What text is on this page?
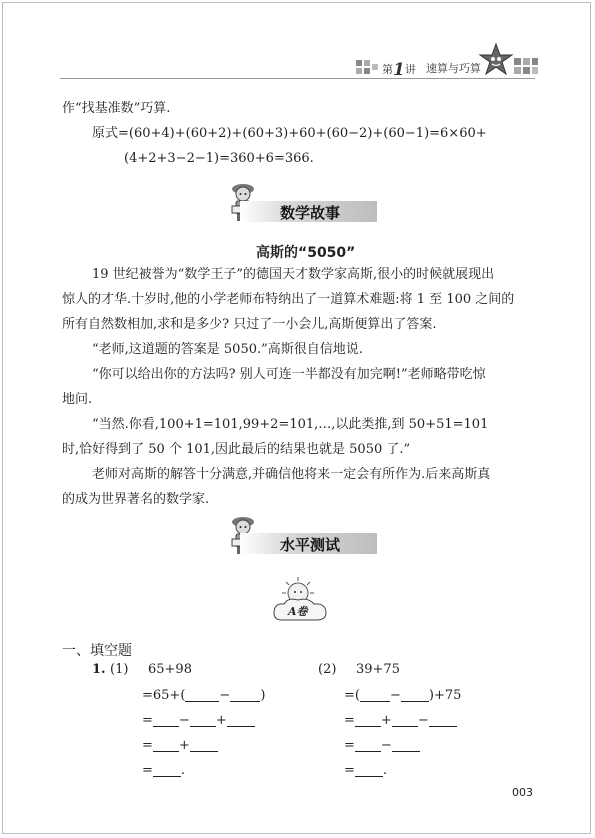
第1讲 速算与巧算
作“找基准数”巧算.
原式=(60+4)+(60+2)+(60+3)+60+(60−2)+(60−1)=6×60+
(4+2+3−2−1)=360+6=366.
数学故事
高斯的“5050”
19 世纪被誉为“数学王子”的德国天才数学家高斯,很小的时候就展现出
惊人的才华.十岁时,他的小学老师布特纳出了一道算术难题:将 1 至 100 之间的
所有自然数相加,求和是多少? 只过了一小会儿,高斯便算出了答案.
“老师,这道题的答案是 5050.”高斯很自信地说.
“你可以给出你的方法吗? 别人可连一半都没有加完啊!”老师略带吃惊
地问.
“当然.你看,100+1=101,99+2=101,…,以此类推,到 50+51=101
时,恰好得到了 50 个 101,因此最后的结果也就是 5050 了.”
老师对高斯的解答十分满意,并确信他将来一定会有所作为.后来高斯真
的成为世界著名的数学家.
水平测试
A卷
一、填空题
1. (1) 65+98
=65+(	− )
= − +
= +
= .
(2) 39+75
=( − )+75
= + −
= −
= .
003
